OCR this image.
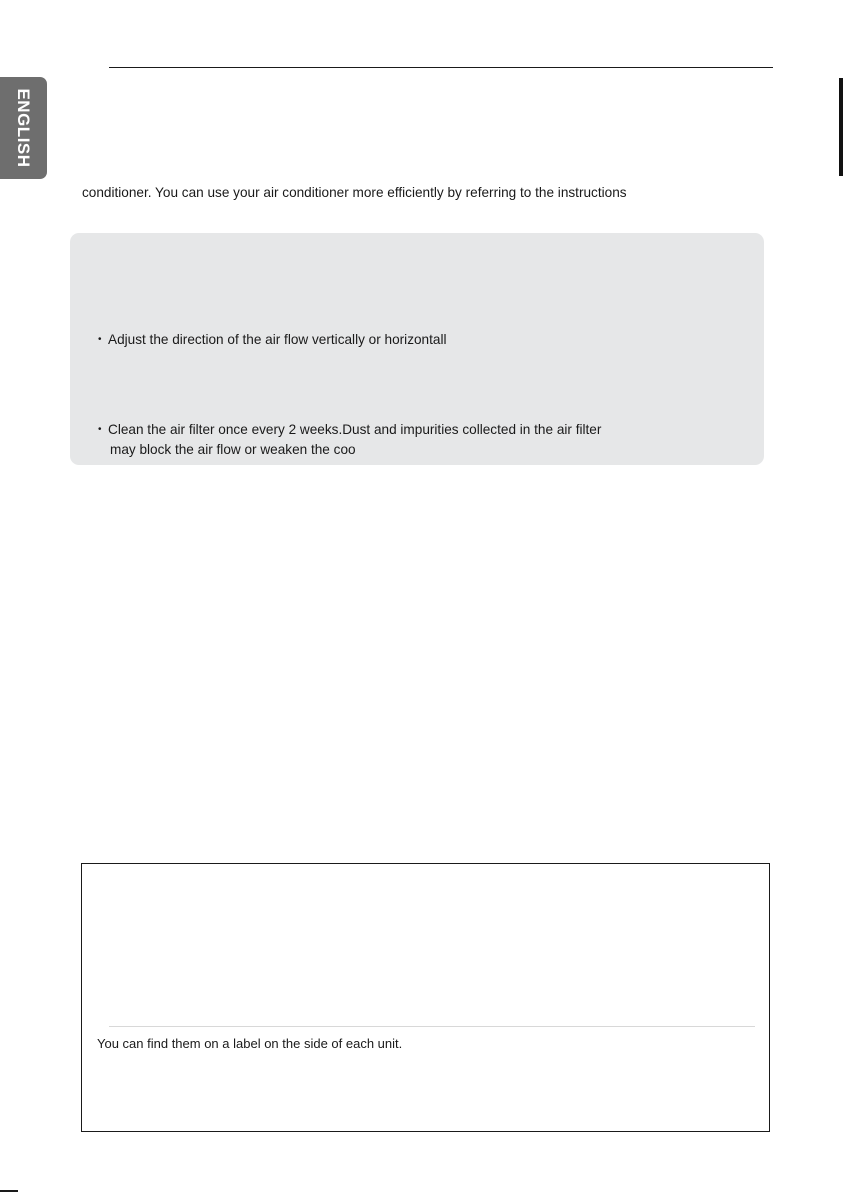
ENGLISH
conditioner. You can use your air conditioner more efficiently by referring to the instructions
• Adjust the direction of the air flow vertically or horizontall
• Clean the air filter once every 2 weeks.Dust and impurities collected in the air filter
may block the air flow or weaken the coo
You can find them on a label on the side of each unit.
